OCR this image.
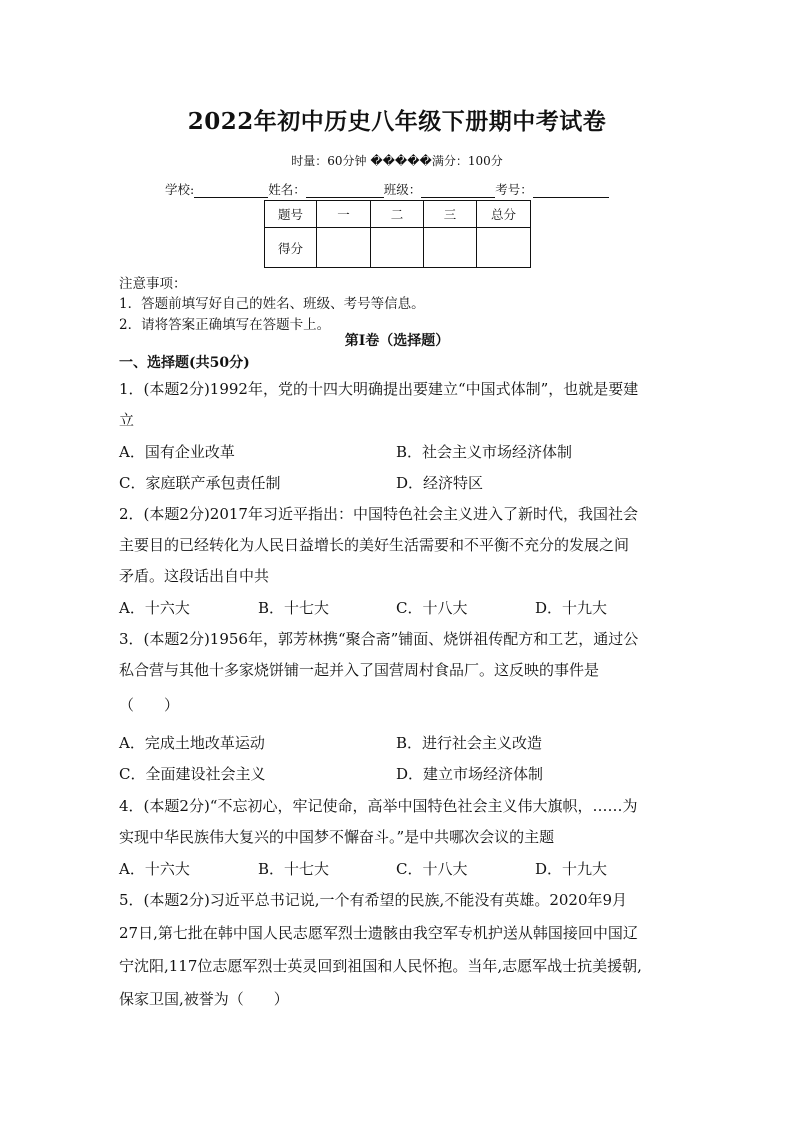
2022年初中历史八年级下册期中考试卷
时量：60分钟 �����满分：100分
学校:	姓名：	班级：	考号：
题号	一	二	三	总分
得分				
注意事项：
1．答题前填写好自己的姓名、班级、考号等信息。
2．请将答案正确填写在答题卡上。
第I卷（选择题）
一、选择题(共50分)
1．(本题2分)1992年，党的十四大明确提出要建立“中国式体制”，也就是要建
立
A．国有企业改革	B．社会主义市场经济体制
C．家庭联产承包责任制	D．经济特区
2．(本题2分)2017年习近平指出：中国特色社会主义进入了新时代，我国社会
主要目的已经转化为人民日益增长的美好生活需要和不平衡不充分的发展之间
矛盾。这段话出自中共
A．十六大	B．十七大	C．十八大	D．十九大
3．(本题2分)1956年，郭芳林携“聚合斋”铺面、烧饼祖传配方和工艺，通过公
私合营与其他十多家烧饼铺一起并入了国营周村食品厂。这反映的事件是
（　　）
A．完成土地改革运动	B．进行社会主义改造
C．全面建设社会主义	D．建立市场经济体制
4．(本题2分)“不忘初心，牢记使命，高举中国特色社会主义伟大旗帜，……为
实现中华民族伟大复兴的中国梦不懈奋斗。”是中共哪次会议的主题
A．十六大	B．十七大	C．十八大	D．十九大
5．(本题2分)习近平总书记说,一个有希望的民族,不能没有英雄。2020年9月
27日,第七批在韩中国人民志愿军烈士遗骸由我空军专机护送从韩国接回中国辽
宁沈阳,117位志愿军烈士英灵回到祖国和人民怀抱。当年,志愿军战士抗美援朝,
保家卫国,被誉为（　　）
